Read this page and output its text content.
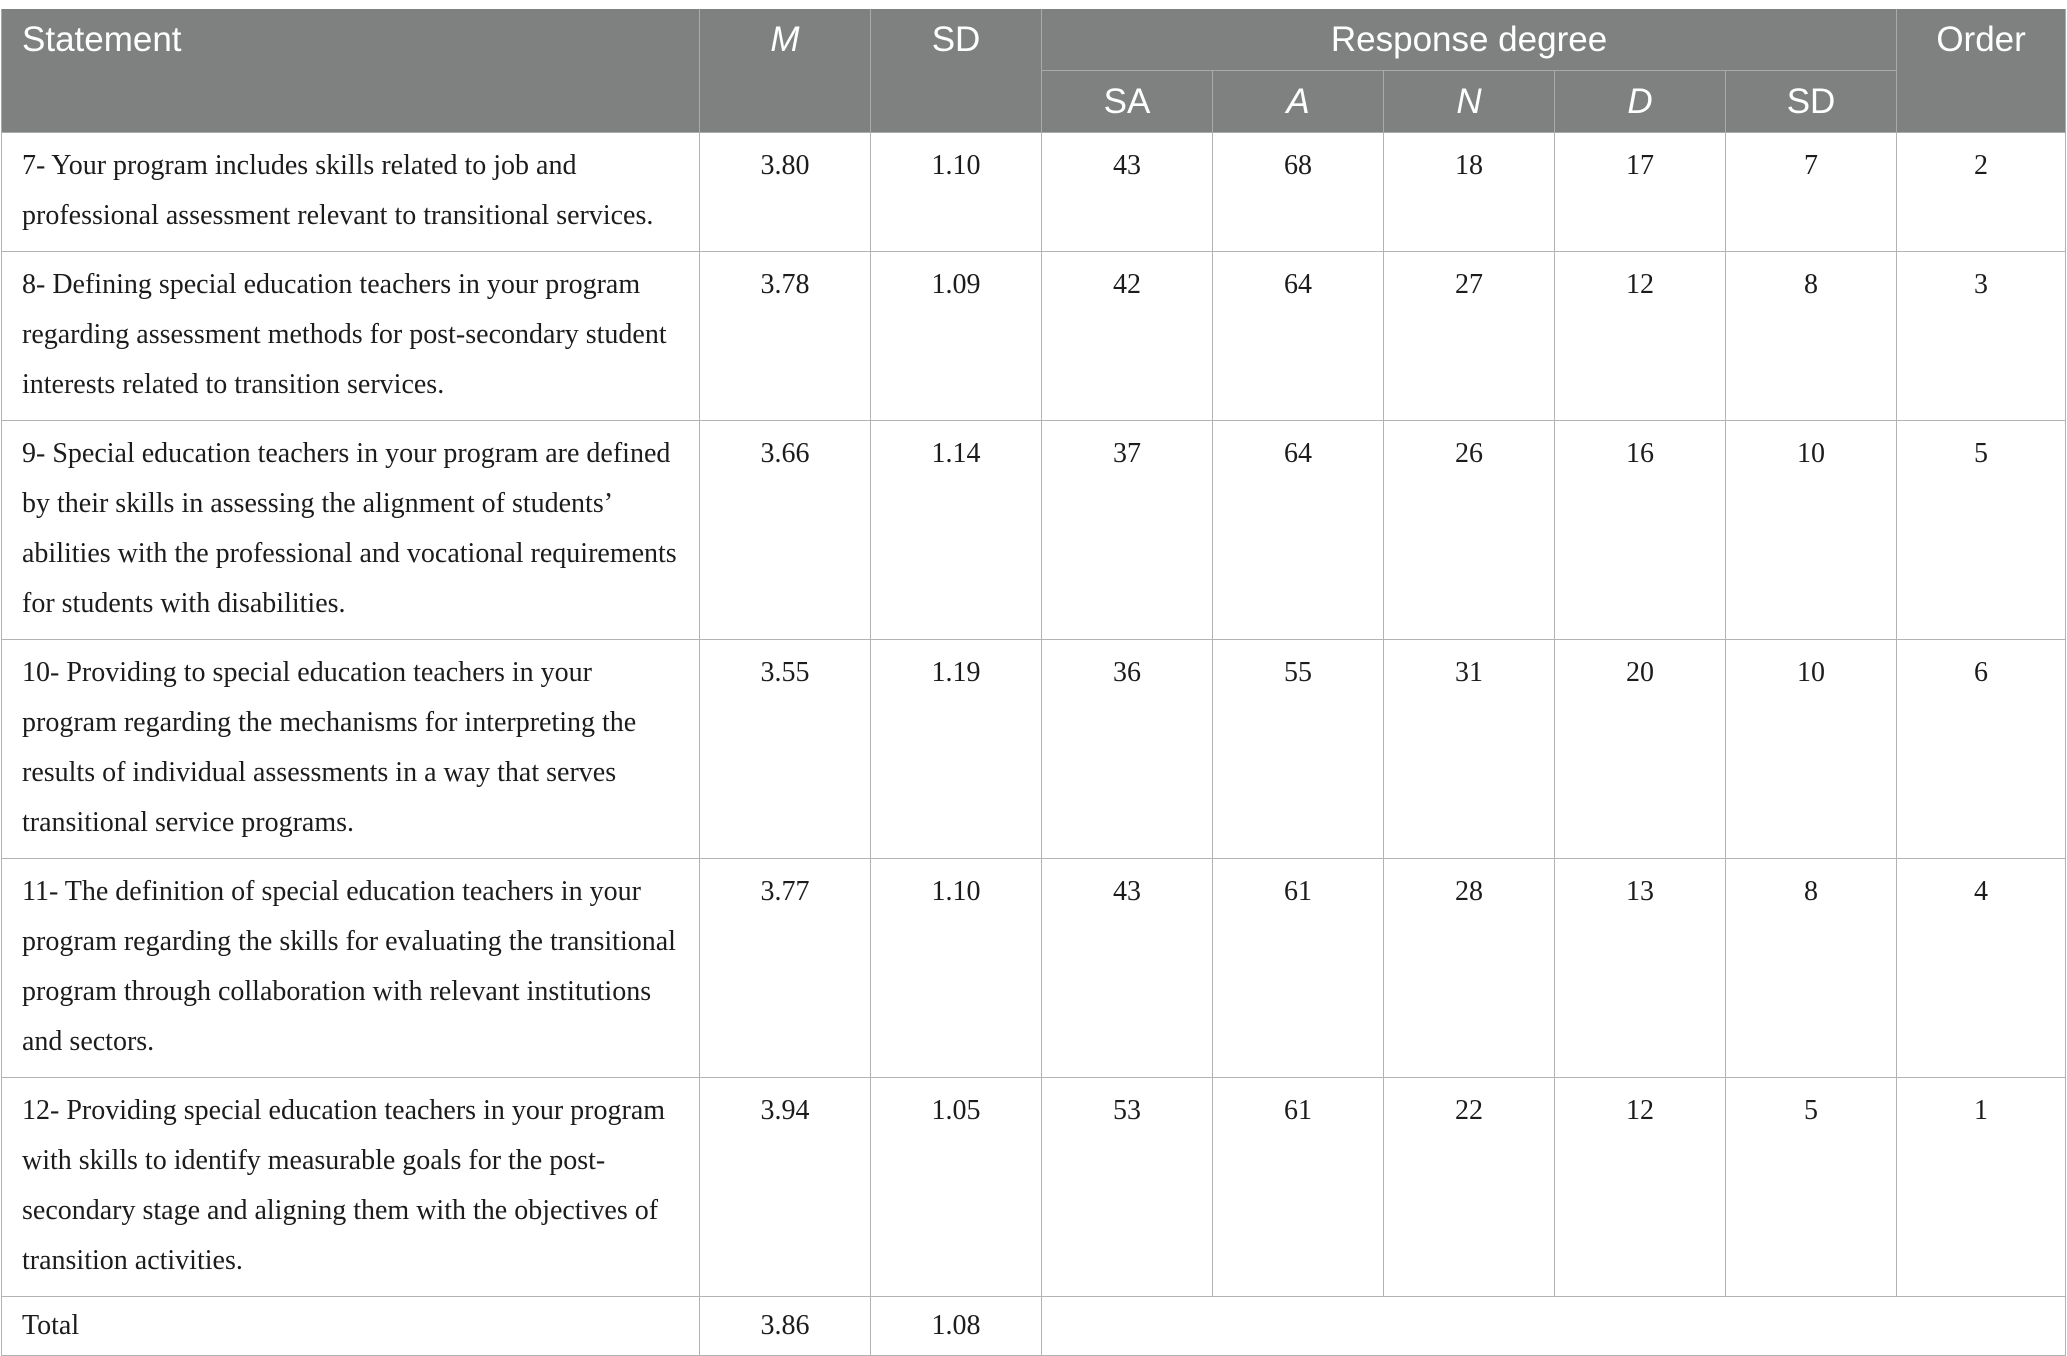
Statement	M	SD	Response degree					Order
			SA	A	N	D	SD	
7- Your program includes skills related to job and professional assessment relevant to transitional services.	3.80	1.10	43	68	18	17	7	2
8- Defining special education teachers in your program regarding assessment methods for post-secondary student interests related to transition services.	3.78	1.09	42	64	27	12	8	3
9- Special education teachers in your program are defined by their skills in assessing the alignment of students’ abilities with the professional and vocational requirements for students with disabilities.	3.66	1.14	37	64	26	16	10	5
10- Providing to special education teachers in your program regarding the mechanisms for interpreting the results of individual assessments in a way that serves transitional service programs.	3.55	1.19	36	55	31	20	10	6
11- The definition of special education teachers in your program regarding the skills for evaluating the transitional program through collaboration with relevant institutions and sectors.	3.77	1.10	43	61	28	13	8	4
12- Providing special education teachers in your program with skills to identify measurable goals for the post-secondary stage and aligning them with the objectives of transition activities.	3.94	1.05	53	61	22	12	5	1
Total	3.86	1.08						
